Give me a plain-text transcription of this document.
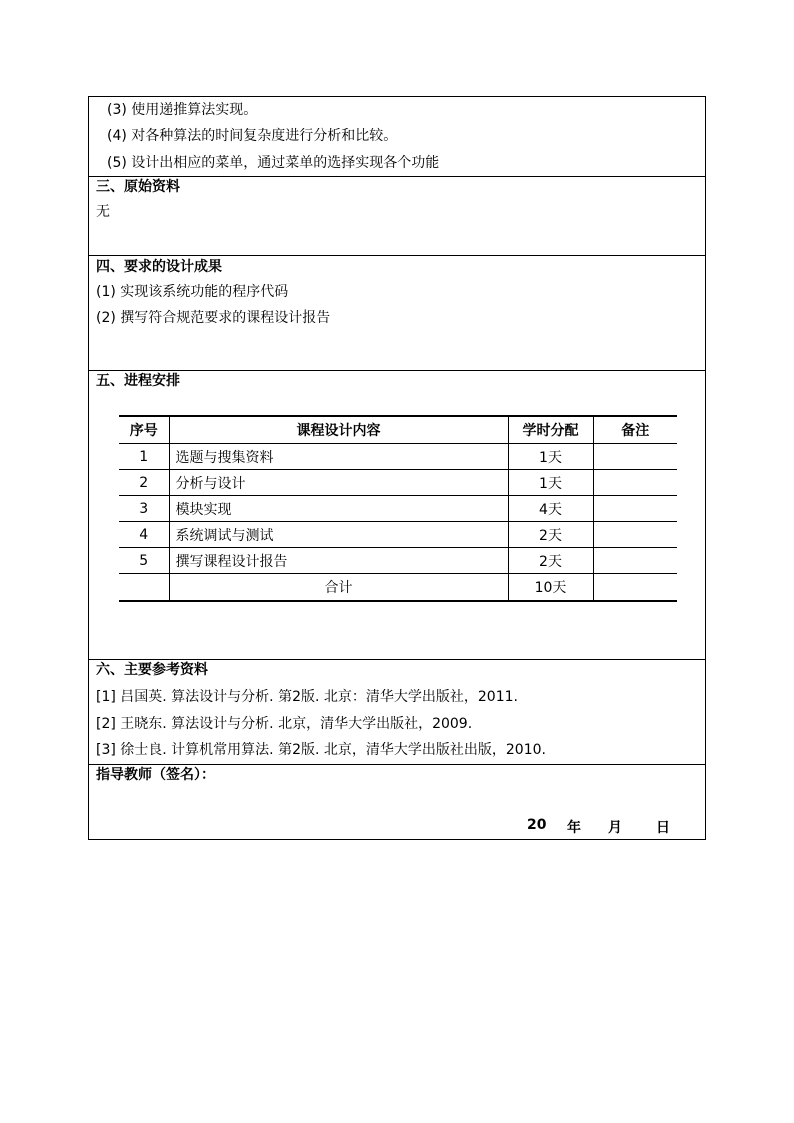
(3) 使用递推算法实现。
(4) 对各种算法的时间复杂度进行分析和比较。
(5) 设计出相应的菜单，通过菜单的选择实现各个功能
三、原始资料
无
四、要求的设计成果
(1) 实现该系统功能的程序代码
(2) 撰写符合规范要求的课程设计报告
五、进程安排
序号	课程设计内容	学时分配	备注
1	选题与搜集资料	1天	
2	分析与设计	1天	
3	模块实现	4天	
4	系统调试与测试	2天	
5	撰写课程设计报告	2天	
	合计	10天	
六、主要参考资料
[1] 吕国英. 算法设计与分析. 第2版. 北京：清华大学出版社，2011.
[2] 王晓东. 算法设计与分析. 北京，清华大学出版社，2009.
[3] 徐士良. 计算机常用算法. 第2版. 北京，清华大学出版社出版，2010.
指导教师（签名）：
20 年 月 日
